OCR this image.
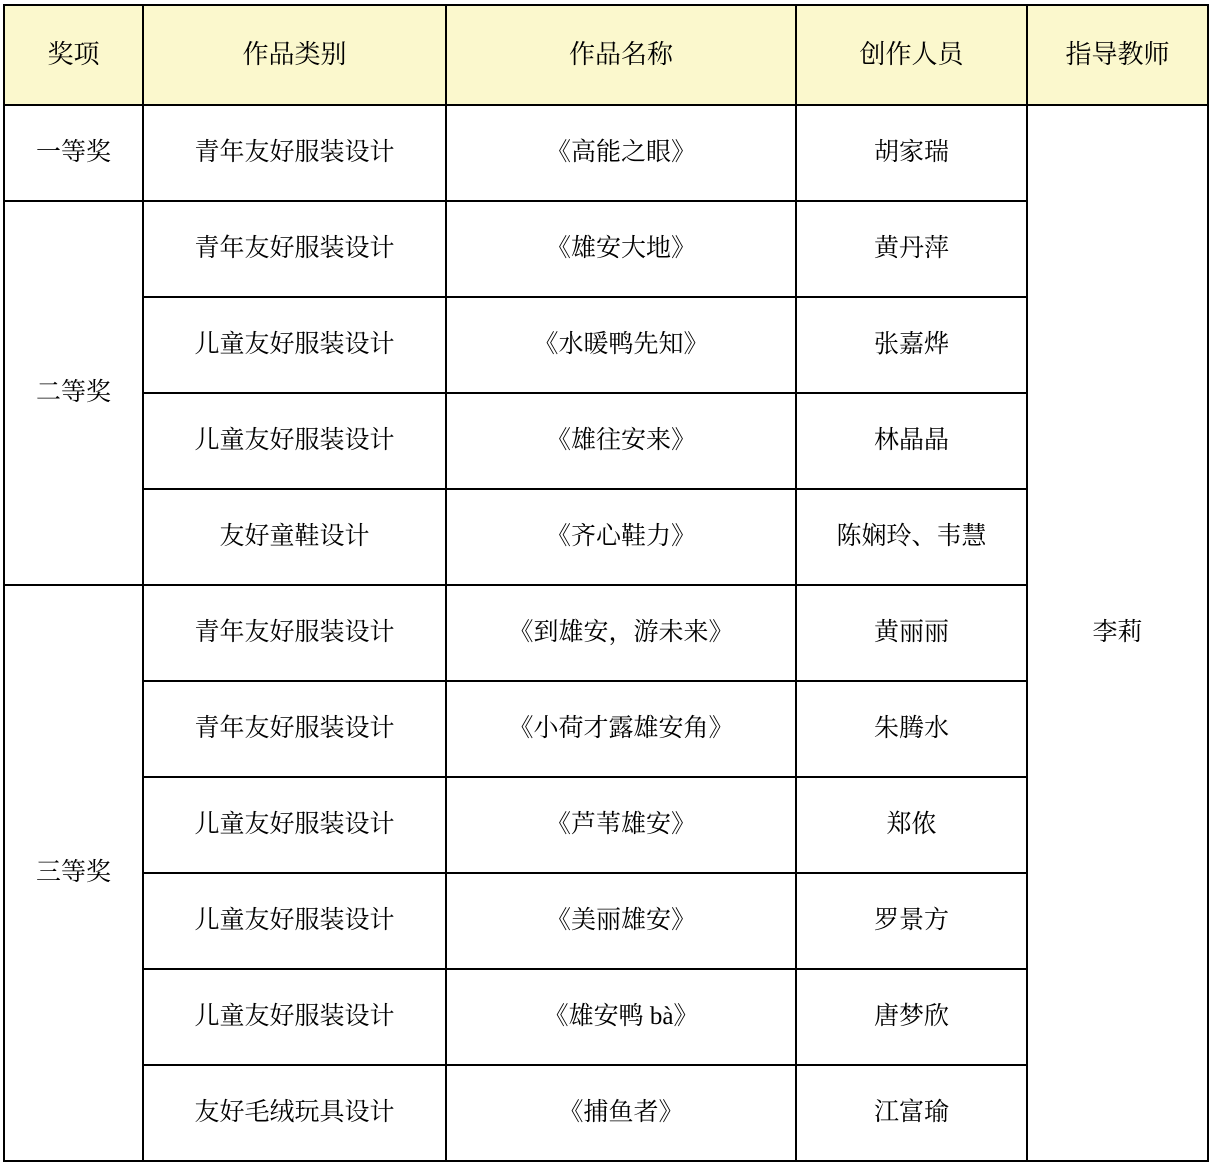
奖项	作品类别	作品名称	创作人员	指导教师
一等奖	青年友好服装设计	《高能之眼》	胡家瑞	李莉
二等奖	青年友好服装设计	《雄安大地》	黄丹萍	
	儿童友好服装设计	《水暖鸭先知》	张嘉烨	
	儿童友好服装设计	《雄往安来》	林晶晶	
	友好童鞋设计	《齐心鞋力》	陈娴玲、韦慧	
三等奖	青年友好服装设计	《到雄安，游未来》	黄丽丽	
	青年友好服装设计	《小荷才露雄安角》	朱腾水	
	儿童友好服装设计	《芦苇雄安》	郑侬	
	儿童友好服装设计	《美丽雄安》	罗景方	
	儿童友好服装设计	《雄安鸭 bà》	唐梦欣	
	友好毛绒玩具设计	《捕鱼者》	江富瑜	
